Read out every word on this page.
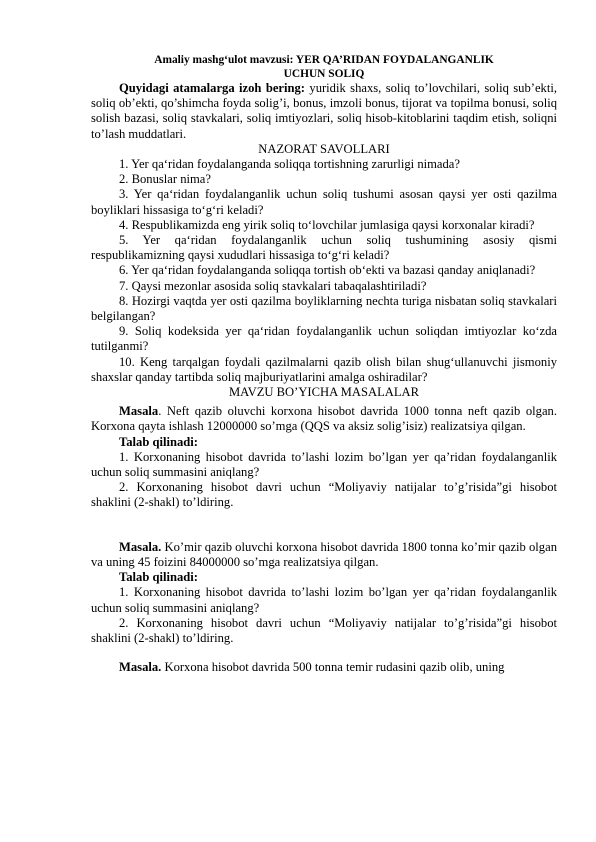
Amaliy mashg‘ulot mavzusi: YER QA’RIDAN FOYDALANGANLIK
UCHUN SOLIQ

Quyidagi atamalarga izoh bering: yuridik shaxs, soliq to’lovchilari, soliq sub’ekti, soliq ob’ekti, qo’shimcha foyda solig’i, bonus, imzoli bonus, tijorat va topilma bonusi, soliq solish bazasi, soliq stavkalari, soliq imtiyozlari, soliq hisob-kitoblarini taqdim etish, soliqni to’lash muddatlari.

NAZORAT SAVOLLARI

1. Yer qa‘ridan foydalanganda soliqqa tortishning zarurligi nimada?

2. Bonuslar nima?

3. Yer qa‘ridan foydalanganlik uchun soliq tushumi asosan qaysi yer osti qazilma boyliklari hissasiga to‘g‘ri keladi?

4. Respublikamizda eng yirik soliq to‘lovchilar jumlasiga qaysi korxonalar kiradi?

5. Yer qa‘ridan foydalanganlik uchun soliq tushumining asosiy qismi respublikamizning qaysi xududlari hissasiga to‘g‘ri keladi?

6. Yer qa‘ridan foydalanganda soliqqa tortish ob‘ekti va bazasi qanday aniqlanadi?

7. Qaysi mezonlar asosida soliq stavkalari tabaqalashtiriladi?

8. Hozirgi vaqtda yer osti qazilma boyliklarning nechta turiga nisbatan soliq stavkalari belgilangan?

9. Soliq kodeksida yer qa‘ridan foydalanganlik uchun soliqdan imtiyozlar ko‘zda tutilganmi?

10. Keng tarqalgan foydali qazilmalarni qazib olish bilan shug‘ullanuvchi jismoniy shaxslar qanday tartibda soliq majburiyatlarini amalga oshiradilar?

MAVZU BO’YICHA MASALALAR

Masala. Neft qazib oluvchi korxona hisobot davrida 1000 tonna neft qazib olgan. Korxona qayta ishlash 12000000 so’mga (QQS va aksiz solig’isiz) realizatsiya qilgan.

Talab qilinadi:

1. Korxonaning hisobot davrida to’lashi lozim bo’lgan yer qa’ridan foydalanganlik uchun soliq summasini aniqlang?

2. Korxonaning hisobot davri uchun “Moliyaviy natijalar to’g’risida”gi hisobot shaklini (2-shakl) to’ldiring.

Masala. Ko’mir qazib oluvchi korxona hisobot davrida 1800 tonna ko’mir qazib olgan va uning 45 foizini 84000000 so’mga realizatsiya qilgan.

Talab qilinadi:

1. Korxonaning hisobot davrida to’lashi lozim bo’lgan yer qa’ridan foydalanganlik uchun soliq summasini aniqlang?

2. Korxonaning hisobot davri uchun “Moliyaviy natijalar to’g’risida”gi hisobot shaklini (2-shakl) to’ldiring.

Masala. Korxona hisobot davrida 500 tonna temir rudasini qazib olib, uning
